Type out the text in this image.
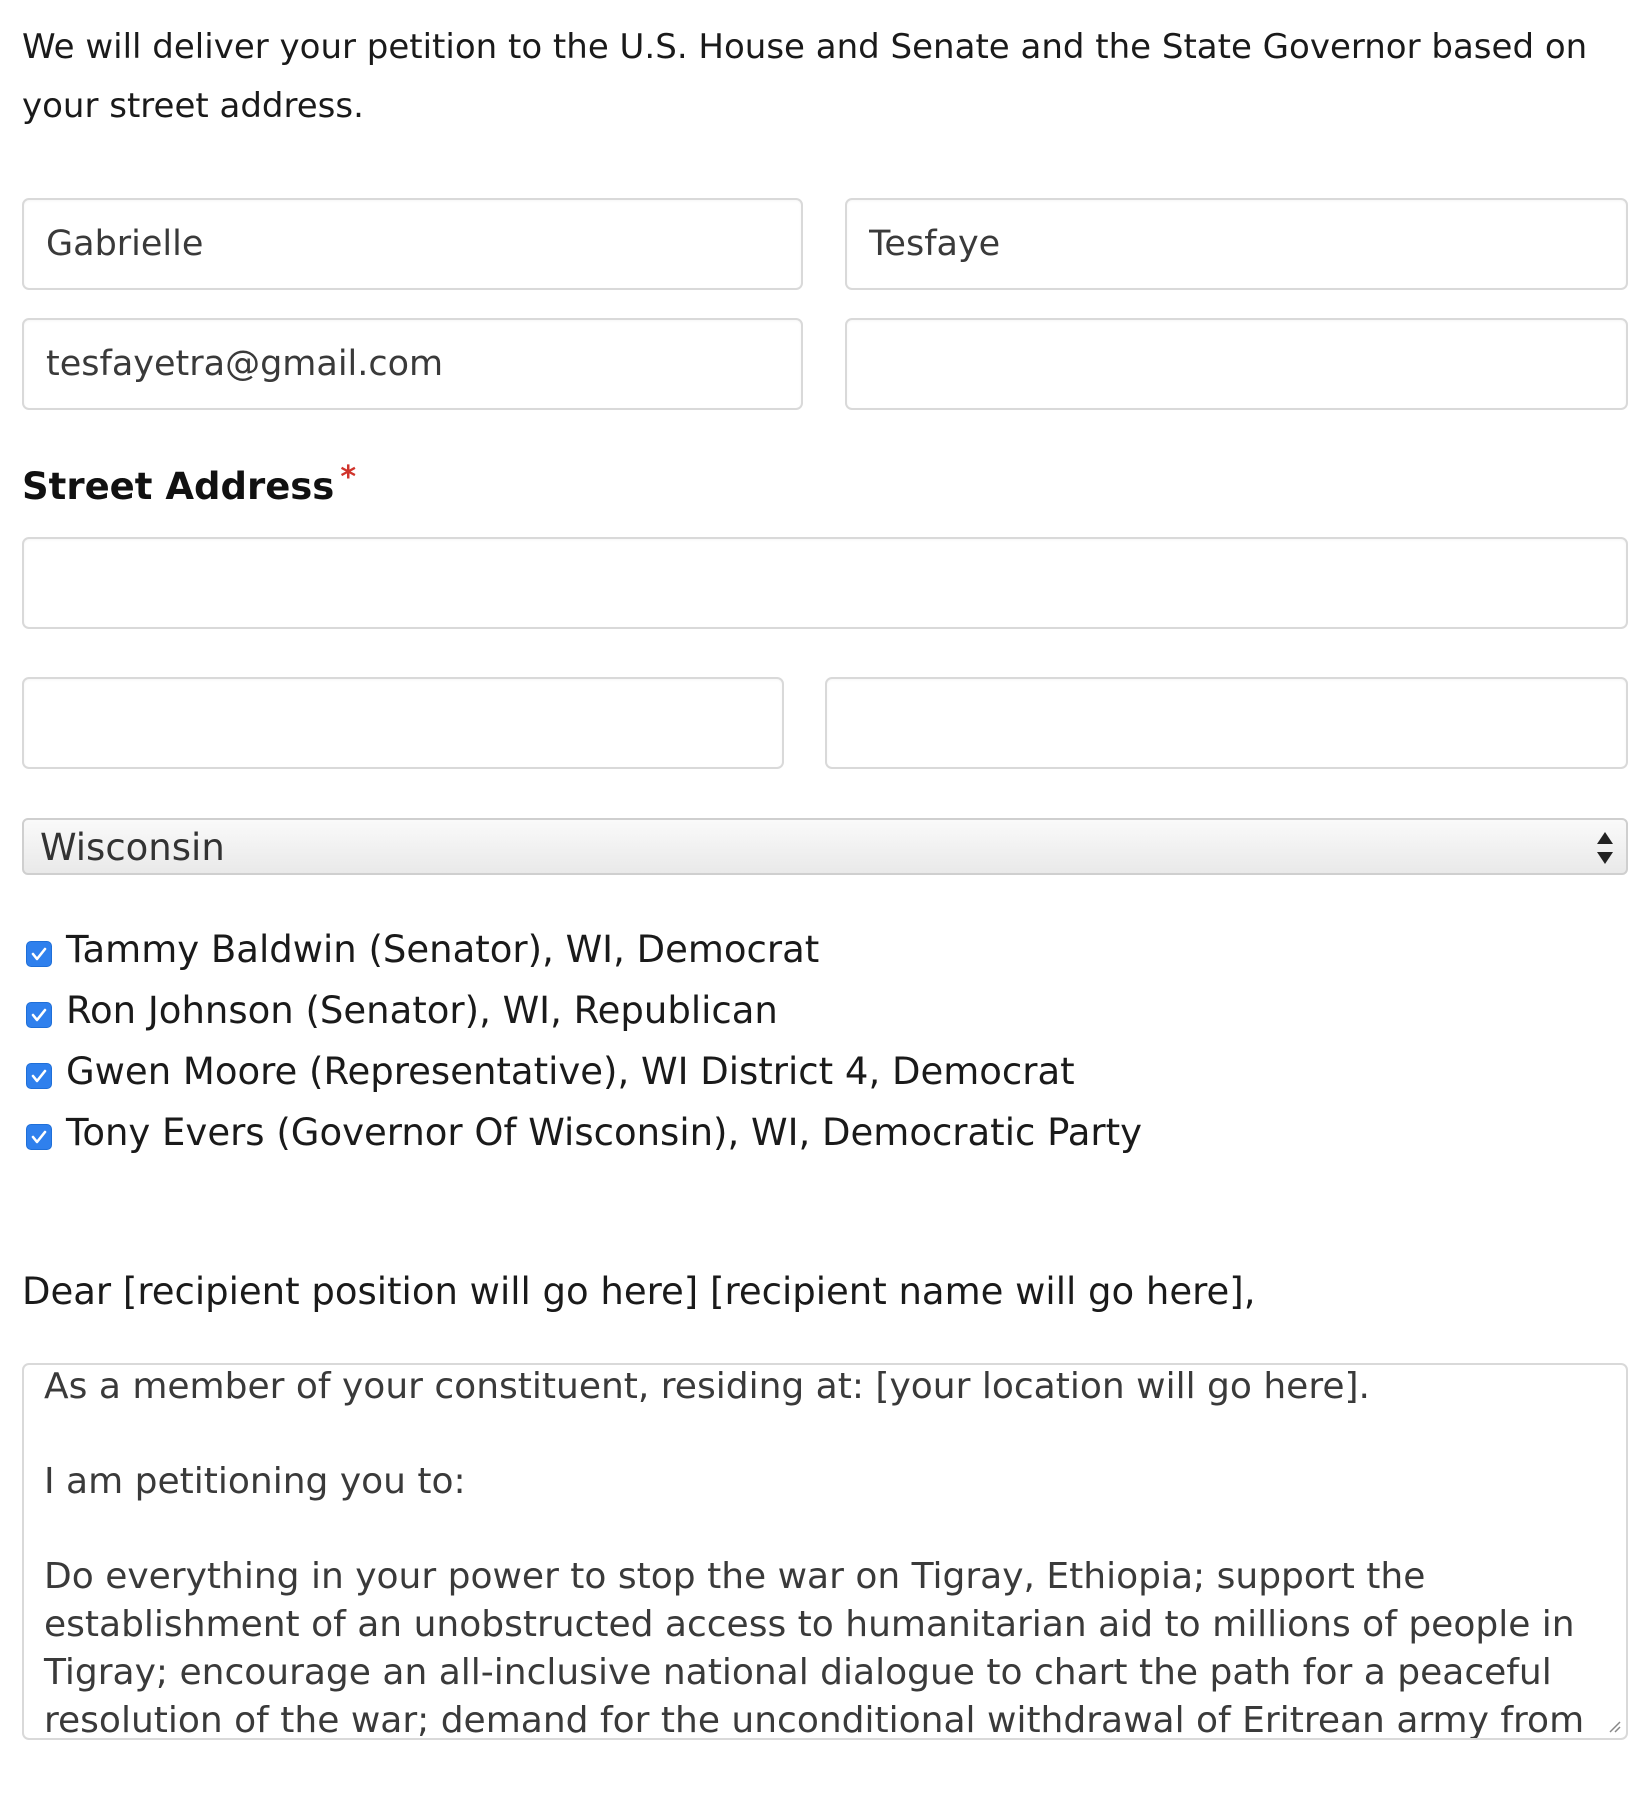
We will deliver your petition to the U.S. House and Senate and the State Governor based on your street address.

Gabrielle
Tesfaye
tesfayetra@gmail.com
Street Address *
Wisconsin
Tammy Baldwin (Senator), WI, Democrat
Ron Johnson (Senator), WI, Republican
Gwen Moore (Representative), WI District 4, Democrat
Tony Evers (Governor Of Wisconsin), WI, Democratic Party
Dear [recipient position will go here] [recipient name will go here],

As a member of your constituent, residing at: [your location will go here].

I am petitioning you to:

Do everything in your power to stop the war on Tigray, Ethiopia; support the establishment of an unobstructed access to humanitarian aid to millions of people in Tigray; encourage an all-inclusive national dialogue to chart the path for a peaceful resolution of the war; demand for the unconditional withdrawal of Eritrean army from
